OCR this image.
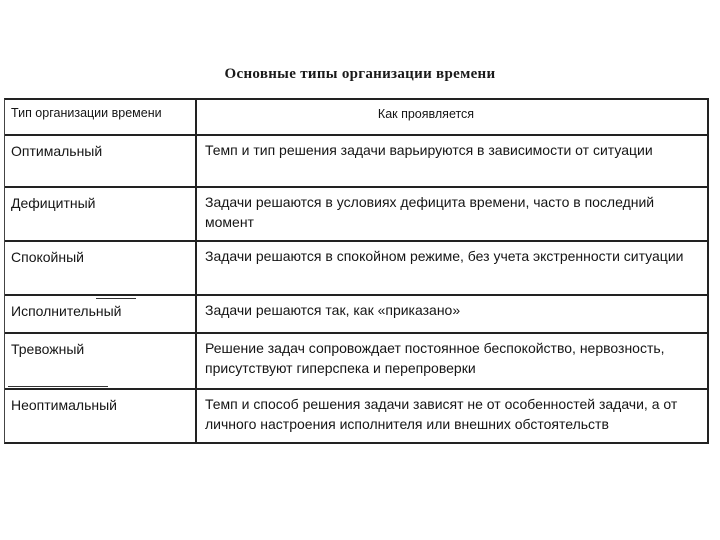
Основные типы организации времени
Тип организации времени	Как проявляется
Оптимальный	Темп и тип решения задачи варьируются в зависимости от ситуации
Дефицитный	Задачи решаются в условиях дефицита времени, часто в последний момент
Спокойный	Задачи решаются в спокойном режиме, без учета экстренности ситуации
Исполнительный	Задачи решаются так, как «приказано»
Тревожный	Решение задач сопровождает постоянное беспокойство, нервозность, присутствуют гиперспека и перепроверки
Неоптимальный	Темп и способ решения задачи зависят не от особенностей задачи, а от личного настроения исполнителя или внешних обстоятельств
